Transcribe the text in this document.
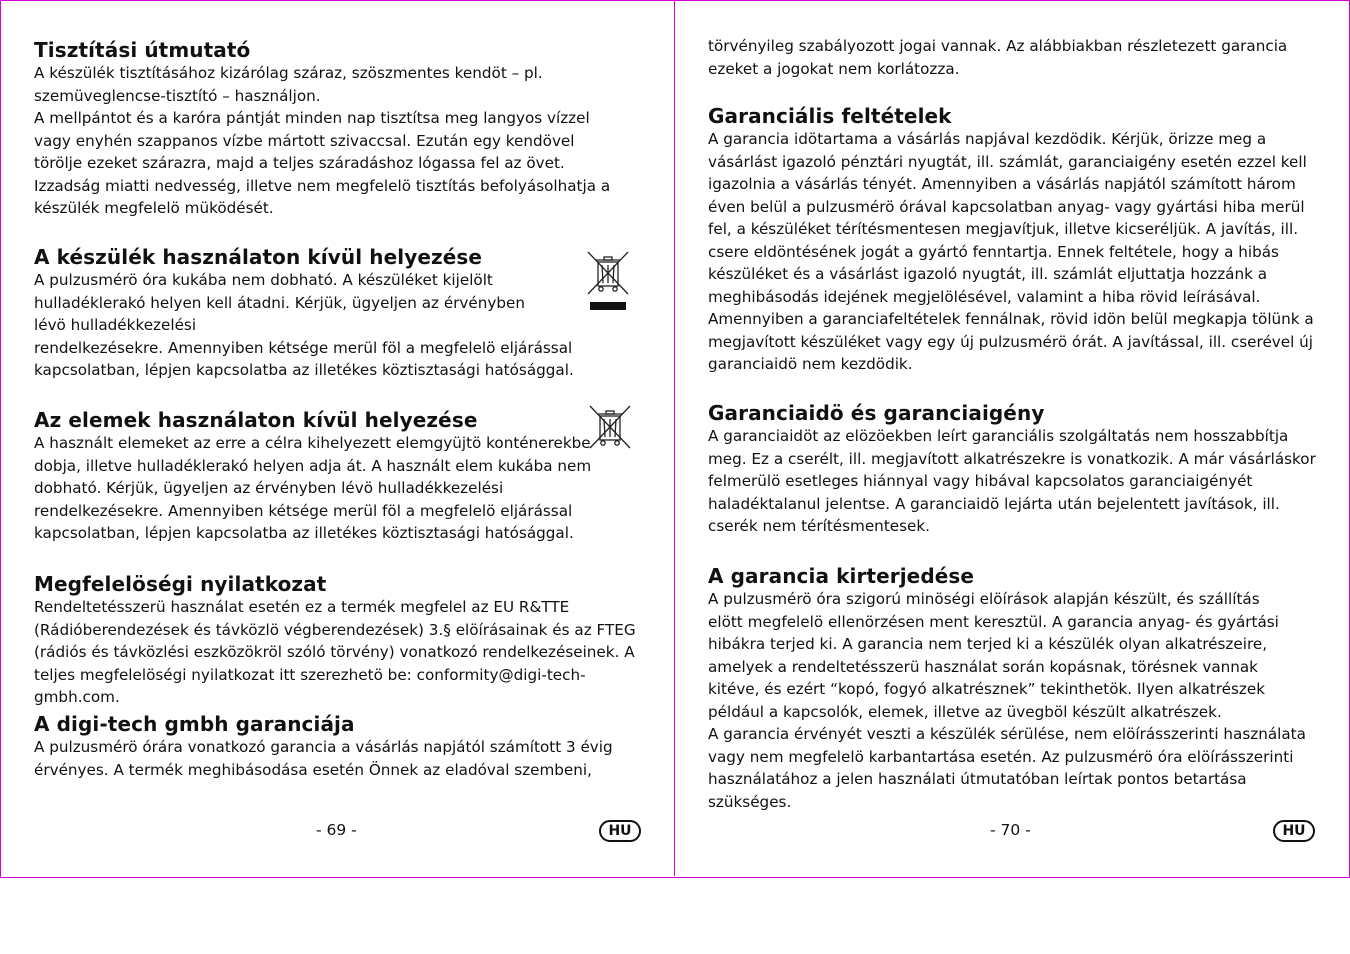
Tisztítási útmutató

A készülék tisztításához kizárólag száraz, szöszmentes kendöt – pl. szemüveglencse-tisztító – használjon.

A mellpántot és a karóra pántját minden nap tisztítsa meg langyos vízzel vagy enyhén szappanos vízbe mártott szivaccsal. Ezután egy kendövel törölje ezeket szárazra, majd a teljes száradáshoz lógassa fel az övet. Izzadság miatti nedvesség, illetve nem megfelelö tisztítás befolyásolhatja a készülék megfelelö müködését.

A készülék használaton kívül helyezése

A pulzusmérö óra kukába nem dobható. A készüléket kijelölt hulladéklerakó helyen kell átadni. Kérjük, ügyeljen az érvényben lévö hulladékkezelési

rendelkezésekre. Amennyiben kétsége merül föl a megfelelö eljárással kapcsolatban, lépjen kapcsolatba az illetékes köztisztasági hatósággal.

Az elemek használaton kívül helyezése

A használt elemeket az erre a célra kihelyezett elemgyüjtö konténerekbe dobja, illetve hulladéklerakó helyen adja át. A használt elem kukába nem dobható. Kérjük, ügyeljen az érvényben lévö hulladékkezelési rendelkezésekre. Amennyiben kétsége merül föl a megfelelö eljárással kapcsolatban, lépjen kapcsolatba az illetékes köztisztasági hatósággal.

Megfelelöségi nyilatkozat

Rendeltetésszerü használat esetén ez a termék megfelel az EU R&TTE (Rádióberendezések és távközlö végberendezések) 3.§ elöírásainak és az FTEG (rádiós és távközlési eszközökröl szóló törvény) vonatkozó rendelkezéseinek. A teljes megfelelöségi nyilatkozat itt szerezhetö be: conformity@digi-tech-gmbh.com.

A digi-tech gmbh garanciája

A pulzusmérö órára vonatkozó garancia a vásárlás napjától számított 3 évig érvényes. A termék meghibásodása esetén Önnek az eladóval szembeni,

- 69 -	HU

törvényileg szabályozott jogai vannak. Az alábbiakban részletezett garancia ezeket a jogokat nem korlátozza.

Garanciális feltételek

A garancia idötartama a vásárlás napjával kezdödik. Kérjük, örizze meg a vásárlást igazoló pénztári nyugtát, ill. számlát, garanciaigény esetén ezzel kell igazolnia a vásárlás tényét. Amennyiben a vásárlás napjától számított három éven belül a pulzusmérö órával kapcsolatban anyag- vagy gyártási hiba merül fel, a készüléket térítésmentesen megjavítjuk, illetve kicseréljük. A javítás, ill. csere eldöntésének jogát a gyártó fenntartja. Ennek feltétele, hogy a hibás készüléket és a vásárlást igazoló nyugtát, ill. számlát eljuttatja hozzánk a meghibásodás idejének megjelölésével, valamint a hiba rövid leírásával. Amennyiben a garanciafeltételek fennálnak, rövid idön belül megkapja tölünk a megjavított készüléket vagy egy új pulzusmérö órát. A javítással, ill. cserével új garanciaidö nem kezdödik.

Garanciaidö és garanciaigény

A garanciaidöt az elözöekben leírt garanciális szolgáltatás nem hosszabbítja meg. Ez a cserélt, ill. megjavított alkatrészekre is vonatkozik. A már vásárláskor felmerülö esetleges hiánnyal vagy hibával kapcsolatos garanciaigényét haladéktalanul jelentse. A garanciaidö lejárta után bejelentett javítások, ill. cserék nem térítésmentesek.

A garancia kirterjedése

A pulzusmérö óra szigorú minöségi elöírások alapján készült, és szállítás elött megfelelö ellenörzésen ment keresztül. A garancia anyag- és gyártási hibákra terjed ki. A garancia nem terjed ki a készülék olyan alkatrészeire, amelyek a rendeltetésszerü használat során kopásnak, törésnek vannak kitéve, és ezért “kopó, fogyó alkatrésznek” tekinthetök. Ilyen alkatrészek például a kapcsolók, elemek, illetve az üvegböl készült alkatrészek.

A garancia érvényét veszti a készülék sérülése, nem elöírásszerinti használata vagy nem megfelelö karbantartása esetén. Az pulzusmérö óra elöírásszerinti használatához a jelen használati útmutatóban leírtak pontos betartása szükséges.

- 70 -	HU
